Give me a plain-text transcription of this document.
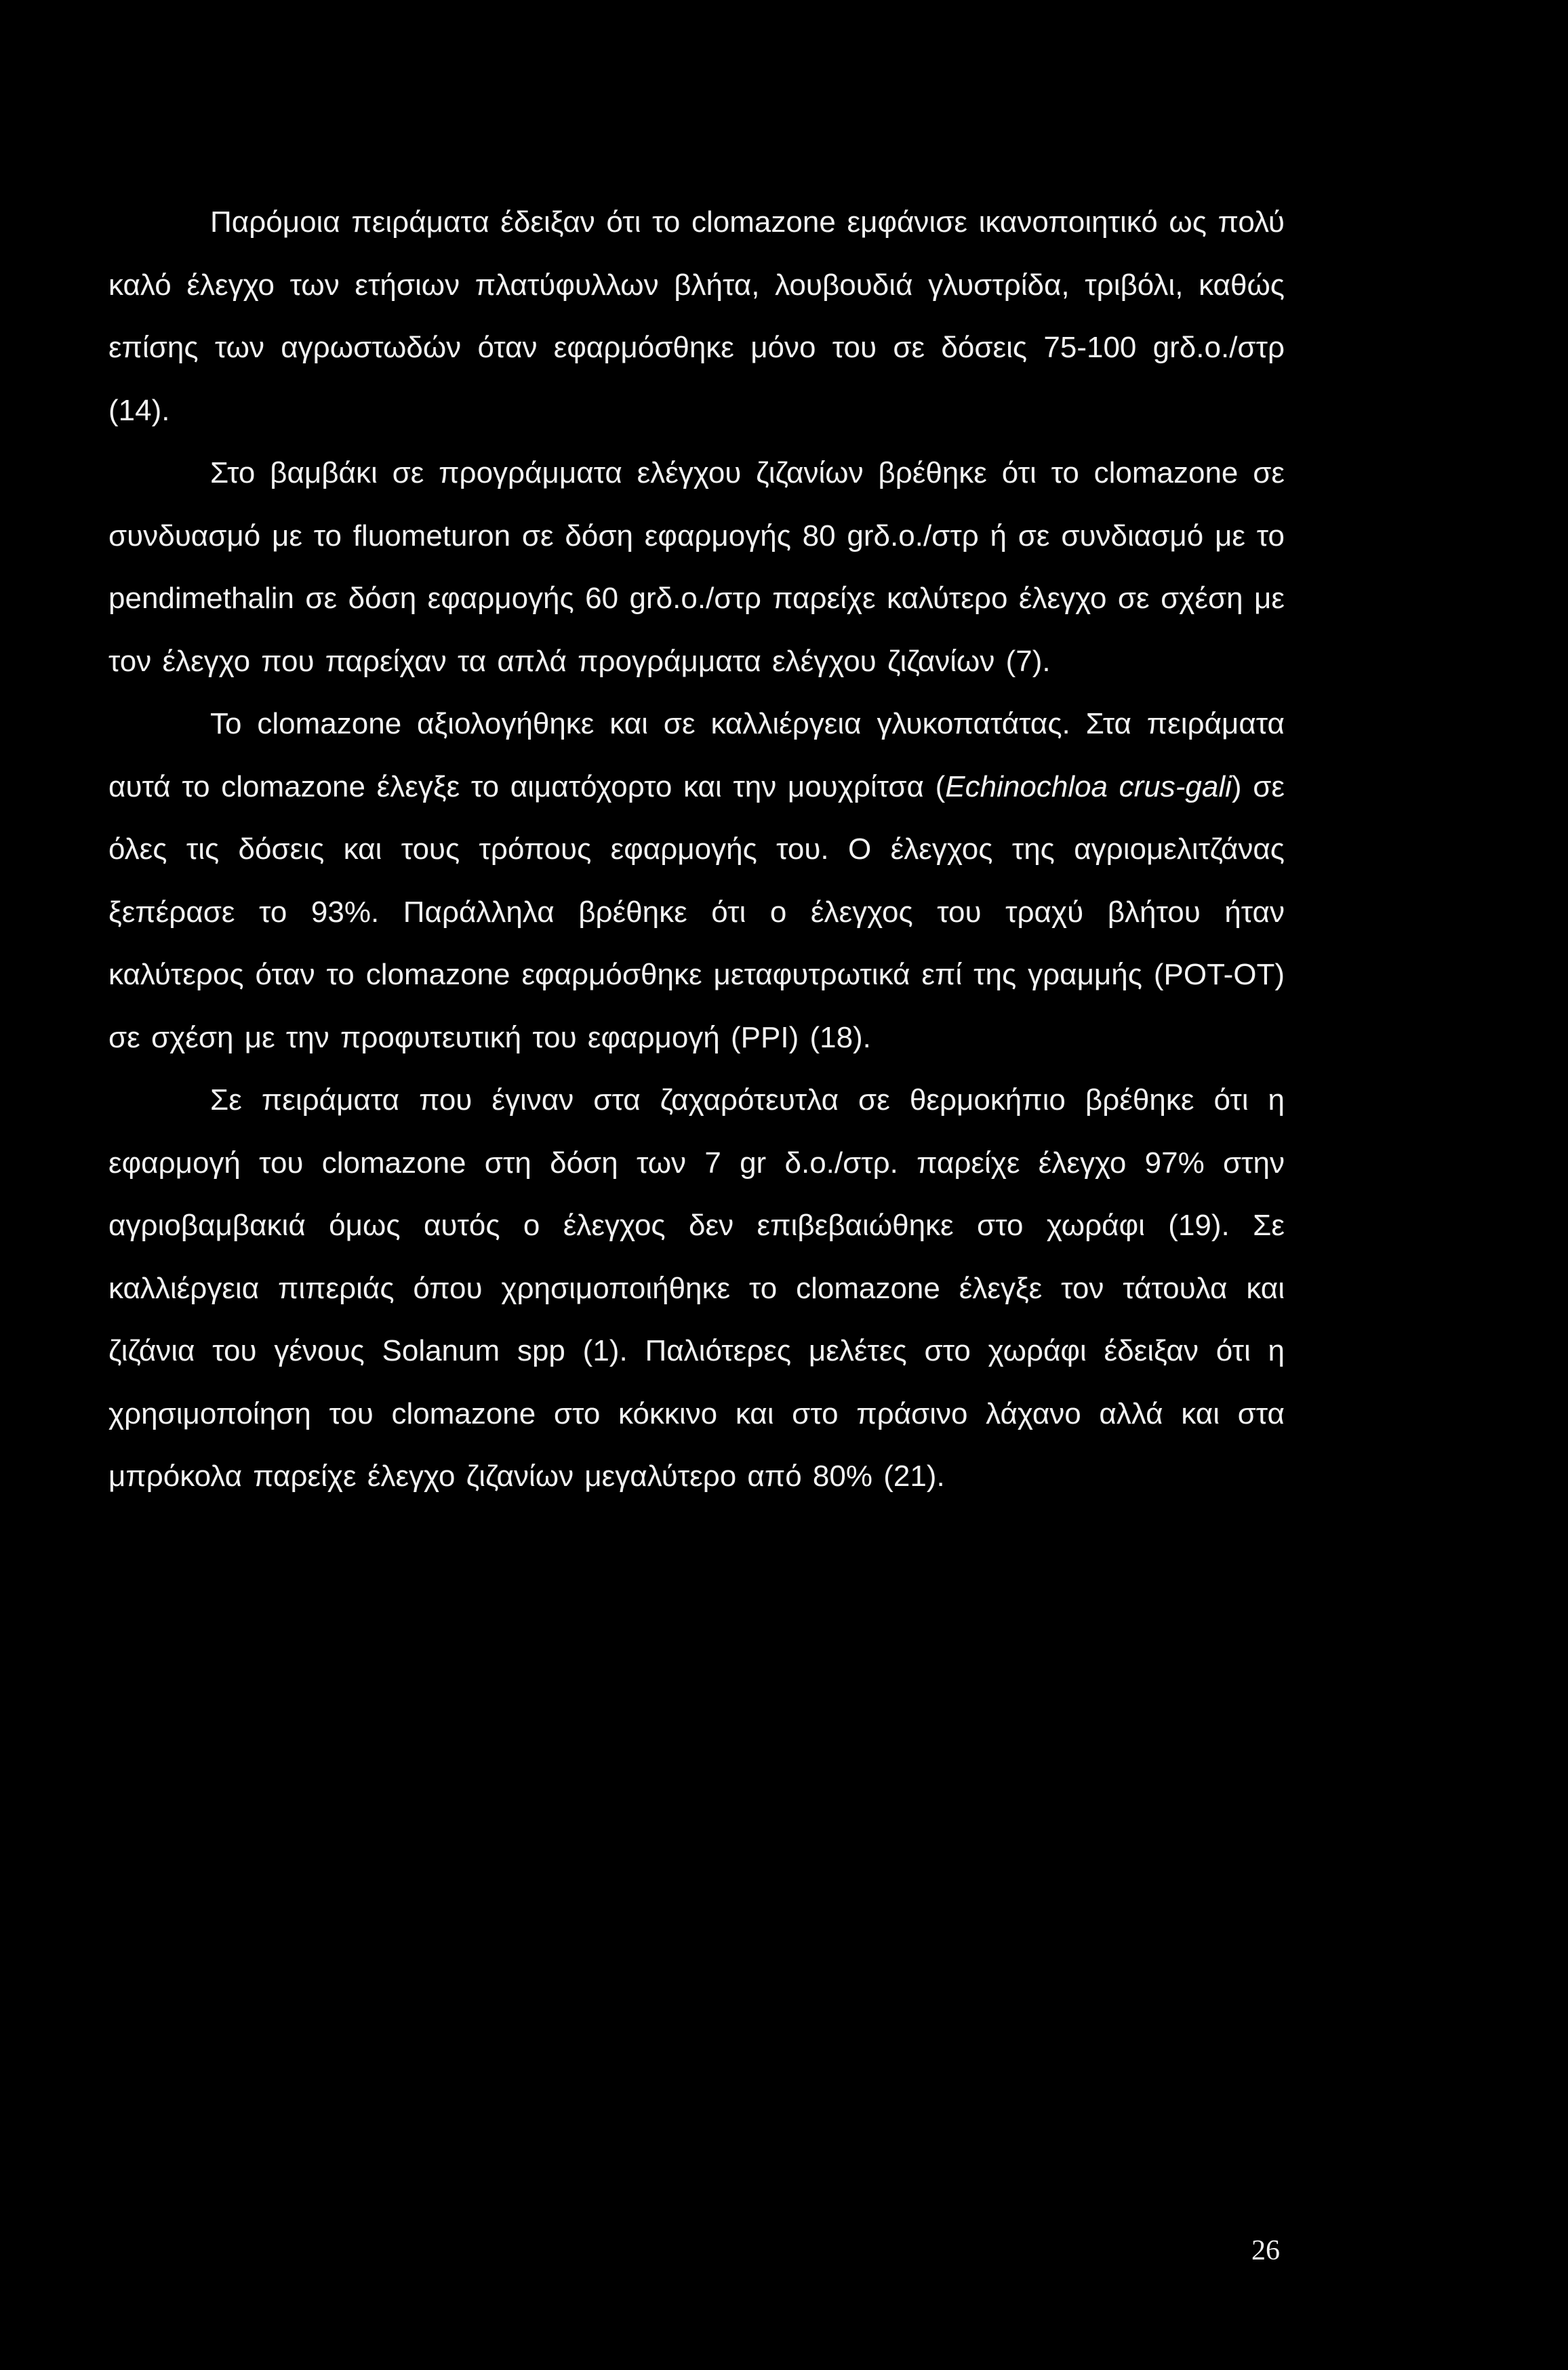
Παρόμοια πειράματα έδειξαν ότι το clomazone εμφάνισε ικανοποιητικό ως πολύ καλό έλεγχο των ετήσιων πλατύφυλλων βλήτα, λουβουδιά γλυστρίδα, τριβόλι, καθώς επίσης των αγρωστωδών όταν εφαρμόσθηκε μόνο του σε δόσεις 75-100 grδ.ο./στρ (14).

Στο βαμβάκι σε προγράμματα ελέγχου ζιζανίων βρέθηκε ότι το clomazone σε συνδυασμό με το fluometuron σε δόση εφαρμογής 80 grδ.ο./στρ ή σε συνδιασμό με το pendimethalin σε δόση εφαρμογής 60 grδ.ο./στρ παρείχε καλύτερο έλεγχο σε σχέση με τον έλεγχο που παρείχαν τα απλά προγράμματα ελέγχου ζιζανίων (7).

Το clomazone αξιολογήθηκε και σε καλλιέργεια γλυκοπατάτας. Στα πειράματα αυτά το clomazone έλεγξε το αιματόχορτο και την μουχρίτσα (Echinochloa crus-gali) σε όλες τις δόσεις και τους τρόπους εφαρμογής του. Ο έλεγχος της αγριομελιτζάνας ξεπέρασε το 93%. Παράλληλα βρέθηκε ότι ο έλεγχος του τραχύ βλήτου ήταν καλύτερος όταν το clomazone εφαρμόσθηκε μεταφυτρωτικά επί της γραμμής (POT-OT) σε σχέση με την προφυτευτική του εφαρμογή (PPI) (18).

Σε πειράματα που έγιναν στα ζαχαρότευτλα σε θερμοκήπιο βρέθηκε ότι η εφαρμογή του clomazone στη δόση των 7 gr δ.ο./στρ. παρείχε έλεγχο 97% στην αγριοβαμβακιά όμως αυτός ο έλεγχος δεν επιβεβαιώθηκε στο χωράφι (19). Σε καλλιέργεια πιπεριάς όπου χρησιμοποιήθηκε το clomazone έλεγξε τον τάτουλα και ζιζάνια του γένους Solanum spp (1). Παλιότερες μελέτες στο χωράφι έδειξαν ότι η χρησιμοποίηση του clomazone στο κόκκινο και στο πράσινο λάχανο αλλά και στα μπρόκολα παρείχε έλεγχο ζιζανίων μεγαλύτερο από 80% (21).

26
